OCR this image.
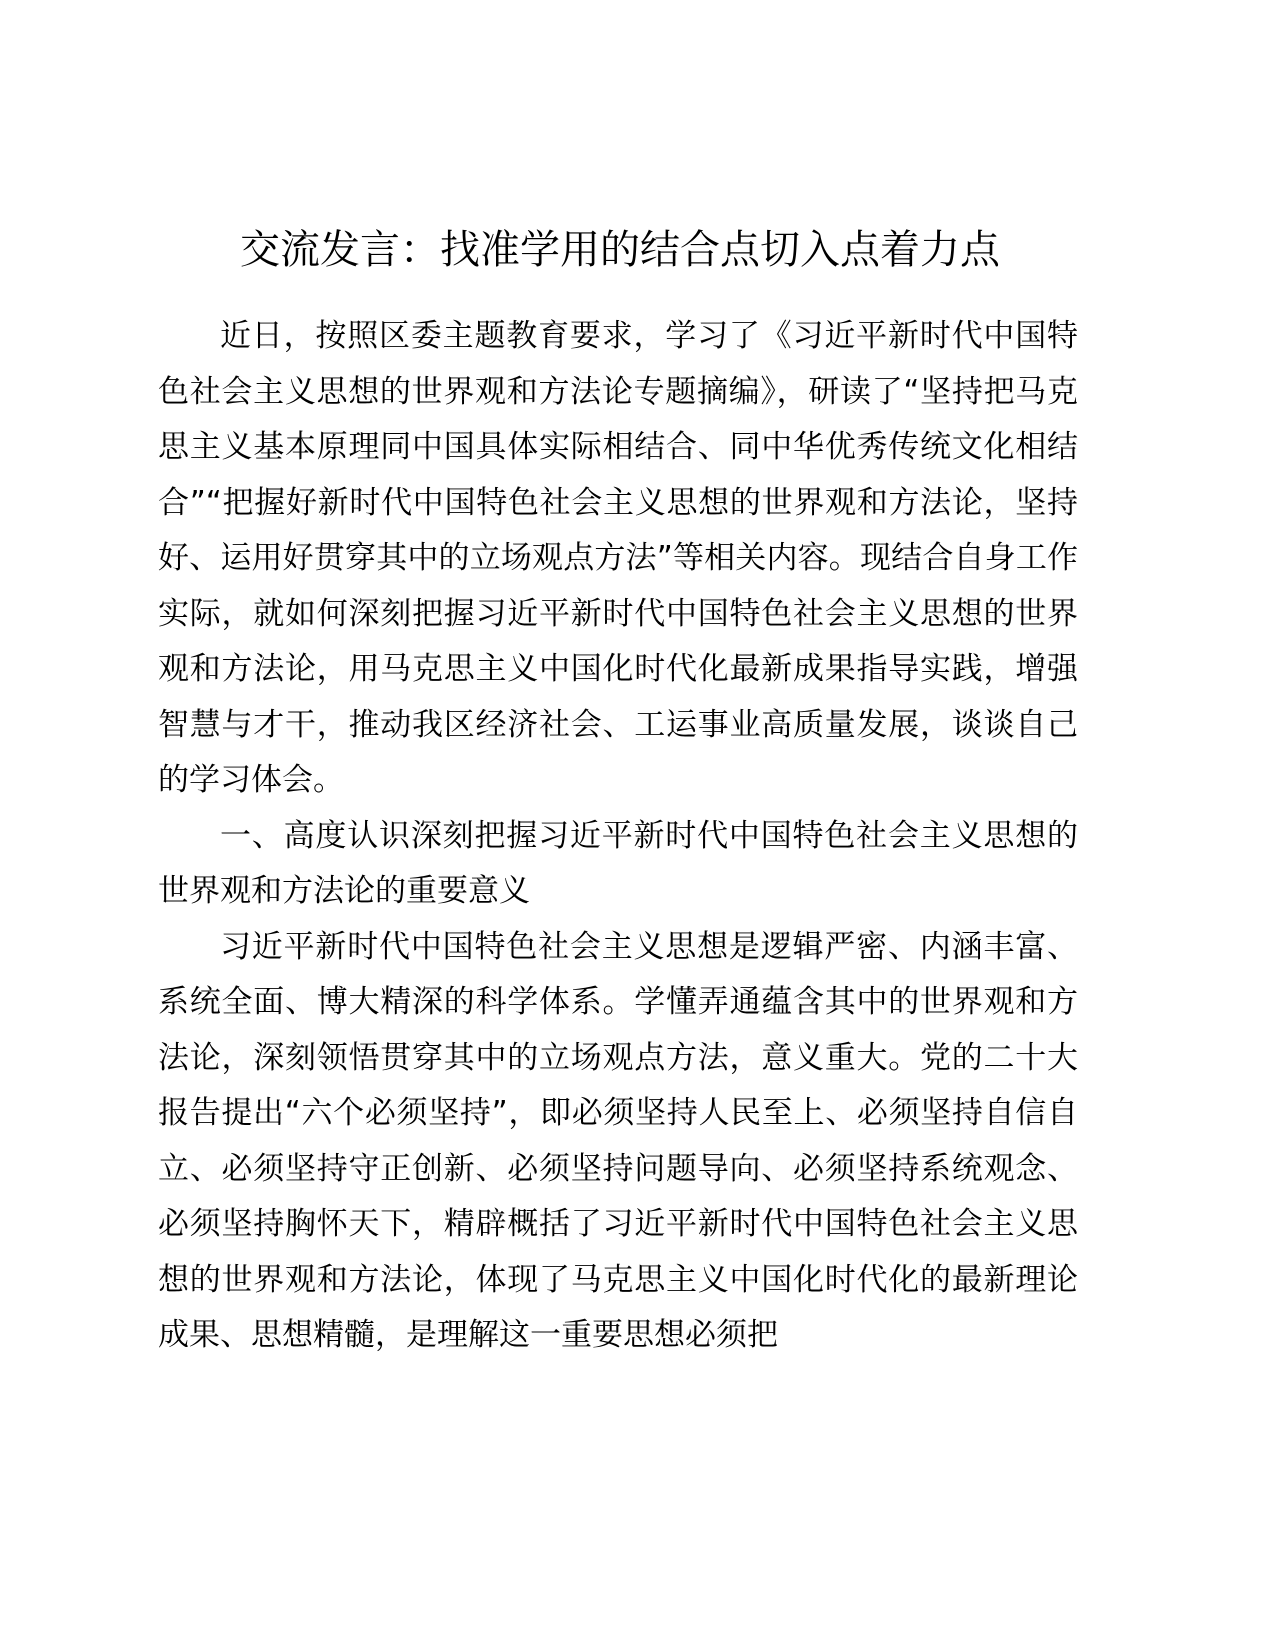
交流发言：找准学用的结合点切入点着力点

近日，按照区委主题教育要求，学习了《习近平新时代中国特色社会主义思想的世界观和方法论专题摘编》，研读了“坚持把马克思主义基本原理同中国具体实际相结合、同中华优秀传统文化相结合”“把握好新时代中国特色社会主义思想的世界观和方法论，坚持好、运用好贯穿其中的立场观点方法”等相关内容。现结合自身工作实际，就如何深刻把握习近平新时代中国特色社会主义思想的世界观和方法论，用马克思主义中国化时代化最新成果指导实践，增强智慧与才干，推动我区经济社会、工运事业高质量发展，谈谈自己的学习体会。

一、高度认识深刻把握习近平新时代中国特色社会主义思想的世界观和方法论的重要意义

习近平新时代中国特色社会主义思想是逻辑严密、内涵丰富、系统全面、博大精深的科学体系。学懂弄通蕴含其中的世界观和方法论，深刻领悟贯穿其中的立场观点方法，意义重大。党的二十大报告提出“六个必须坚持”，即必须坚持人民至上、必须坚持自信自立、必须坚持守正创新、必须坚持问题导向、必须坚持系统观念、必须坚持胸怀天下，精辟概括了习近平新时代中国特色社会主义思想的世界观和方法论，体现了马克思主义中国化时代化的最新理论成果、思想精髓，是理解这一重要思想必须把
